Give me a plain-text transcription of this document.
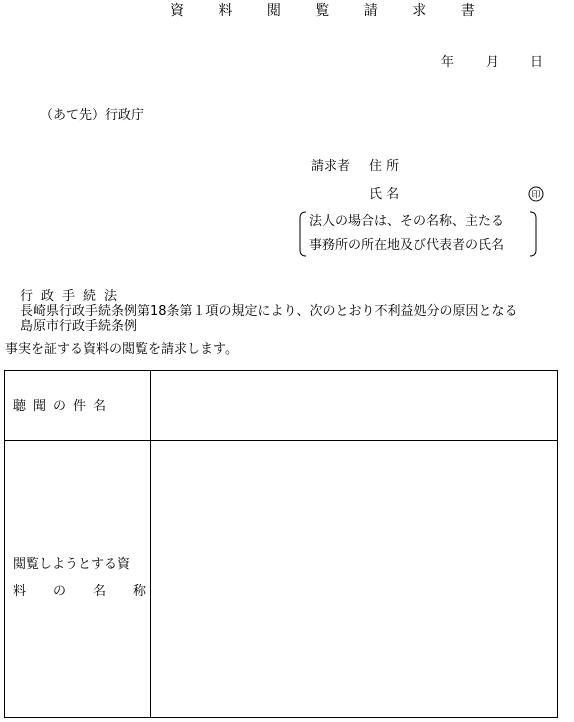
資 料 閲 覧 請 求 書
年 月 日
（あて先）行政庁
請求者 住 所
氏 名	印
法人の場合は、その名称、主たる
事務所の所在地及び代表者の氏名
行政手続法
長崎県行政手続条例第18条第１項の規定により、次のとおり不利益処分の原因となる
島原市行政手続条例
事実を証する資料の閲覧を請求します。
聴聞の件名
閲覧しようとする資
料 の 名 称
